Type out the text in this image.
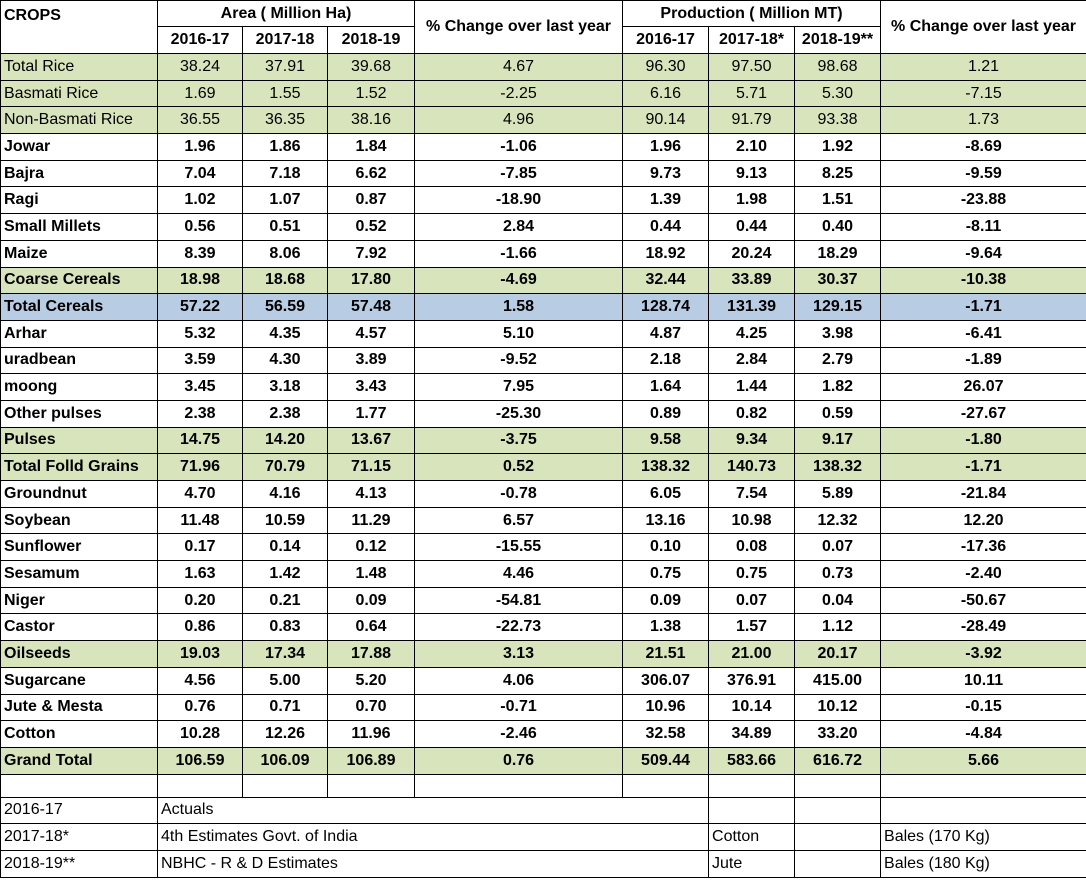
CROPS	Area ( Million Ha)			% Change over last year	Production ( Million MT)			% Change over last year
	2016-17	2017-18	2018-19		2016-17	2017-18*	2018-19**	
Total Rice	38.24	37.91	39.68	4.67	96.30	97.50	98.68	1.21
Basmati Rice	1.69	1.55	1.52	-2.25	6.16	5.71	5.30	-7.15
Non-Basmati Rice	36.55	36.35	38.16	4.96	90.14	91.79	93.38	1.73
Jowar	1.96	1.86	1.84	-1.06	1.96	2.10	1.92	-8.69
Bajra	7.04	7.18	6.62	-7.85	9.73	9.13	8.25	-9.59
Ragi	1.02	1.07	0.87	-18.90	1.39	1.98	1.51	-23.88
Small Millets	0.56	0.51	0.52	2.84	0.44	0.44	0.40	-8.11
Maize	8.39	8.06	7.92	-1.66	18.92	20.24	18.29	-9.64
Coarse Cereals	18.98	18.68	17.80	-4.69	32.44	33.89	30.37	-10.38
Total Cereals	57.22	56.59	57.48	1.58	128.74	131.39	129.15	-1.71
Arhar	5.32	4.35	4.57	5.10	4.87	4.25	3.98	-6.41
uradbean	3.59	4.30	3.89	-9.52	2.18	2.84	2.79	-1.89
moong	3.45	3.18	3.43	7.95	1.64	1.44	1.82	26.07
Other pulses	2.38	2.38	1.77	-25.30	0.89	0.82	0.59	-27.67
Pulses	14.75	14.20	13.67	-3.75	9.58	9.34	9.17	-1.80
Total Folld Grains	71.96	70.79	71.15	0.52	138.32	140.73	138.32	-1.71
Groundnut	4.70	4.16	4.13	-0.78	6.05	7.54	5.89	-21.84
Soybean	11.48	10.59	11.29	6.57	13.16	10.98	12.32	12.20
Sunflower	0.17	0.14	0.12	-15.55	0.10	0.08	0.07	-17.36
Sesamum	1.63	1.42	1.48	4.46	0.75	0.75	0.73	-2.40
Niger	0.20	0.21	0.09	-54.81	0.09	0.07	0.04	-50.67
Castor	0.86	0.83	0.64	-22.73	1.38	1.57	1.12	-28.49
Oilseeds	19.03	17.34	17.88	3.13	21.51	21.00	20.17	-3.92
Sugarcane	4.56	5.00	5.20	4.06	306.07	376.91	415.00	10.11
Jute & Mesta	0.76	0.71	0.70	-0.71	10.96	10.14	10.12	-0.15
Cotton	10.28	12.26	11.96	-2.46	32.58	34.89	33.20	-4.84
Grand Total	106.59	106.09	106.89	0.76	509.44	583.66	616.72	5.66

2016-17	Actuals							
2017-18*	4th Estimates Govt. of India					Cotton		Bales (170 Kg)
2018-19**	NBHC - R & D Estimates					Jute		Bales (180 Kg)
